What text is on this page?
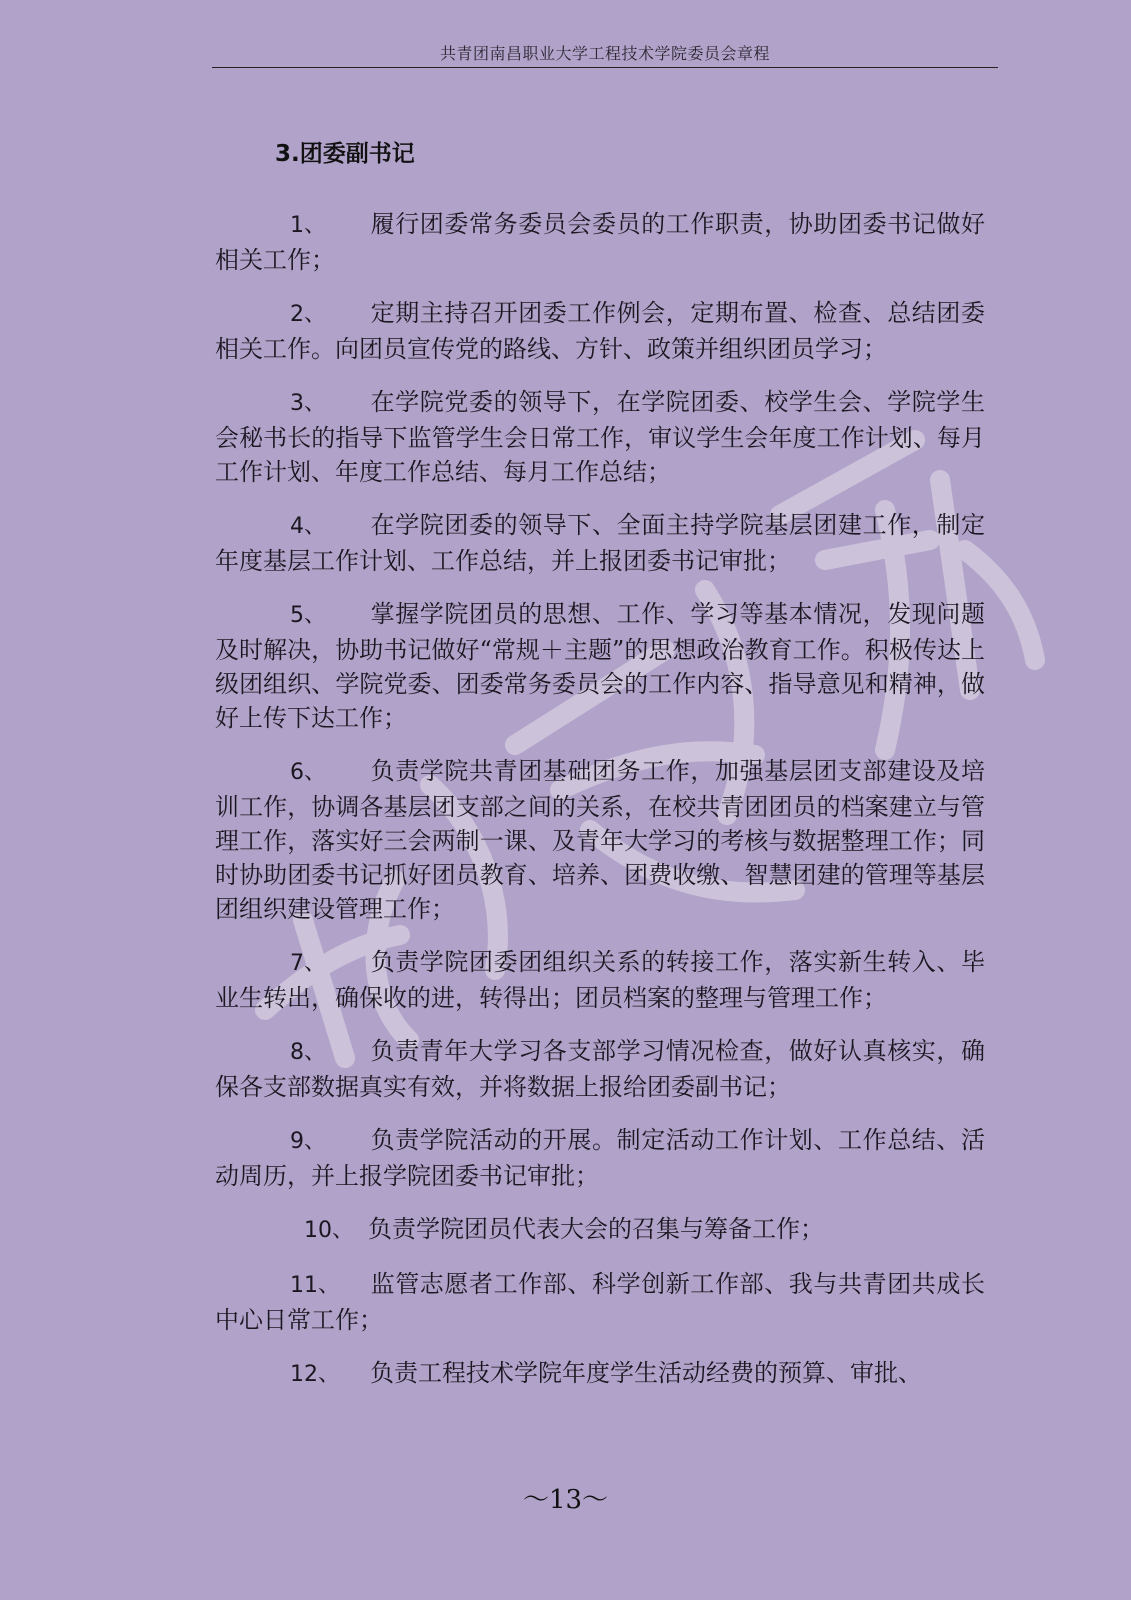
共青团南昌职业大学工程技术学院委员会章程
3.团委副书记

1、 履行团委常务委员会委员的工作职责，协助团委书记做好相关工作；

2、 定期主持召开团委工作例会，定期布置、检查、总结团委相关工作。向团员宣传党的路线、方针、政策并组织团员学习；

3、 在学院党委的领导下，在学院团委、校学生会、学院学生会秘书长的指导下监管学生会日常工作，审议学生会年度工作计划、每月工作计划、年度工作总结、每月工作总结；

4、 在学院团委的领导下、全面主持学院基层团建工作，制定年度基层工作计划、工作总结，并上报团委书记审批；

5、 掌握学院团员的思想、工作、学习等基本情况，发现问题及时解决，协助书记做好“常规＋主题”的思想政治教育工作。积极传达上级团组织、学院党委、团委常务委员会的工作内容、指导意见和精神，做好上传下达工作；

6、 负责学院共青团基础团务工作，加强基层团支部建设及培训工作，协调各基层团支部之间的关系，在校共青团团员的档案建立与管理工作，落实好三会两制一课、及青年大学习的考核与数据整理工作；同时协助团委书记抓好团员教育、培养、团费收缴、智慧团建的管理等基层团组织建设管理工作；

7、 负责学院团委团组织关系的转接工作，落实新生转入、毕业生转出，确保收的进，转得出；团员档案的整理与管理工作；

8、 负责青年大学习各支部学习情况检查，做好认真核实，确保各支部数据真实有效，并将数据上报给团委副书记；

9、 负责学院活动的开展。制定活动工作计划、工作总结、活动周历，并上报学院团委书记审批；

10、 负责学院团员代表大会的召集与筹备工作；

11、 监管志愿者工作部、科学创新工作部、我与共青团共成长中心日常工作；

12、 负责工程技术学院年度学生活动经费的预算、审批、

～13～
